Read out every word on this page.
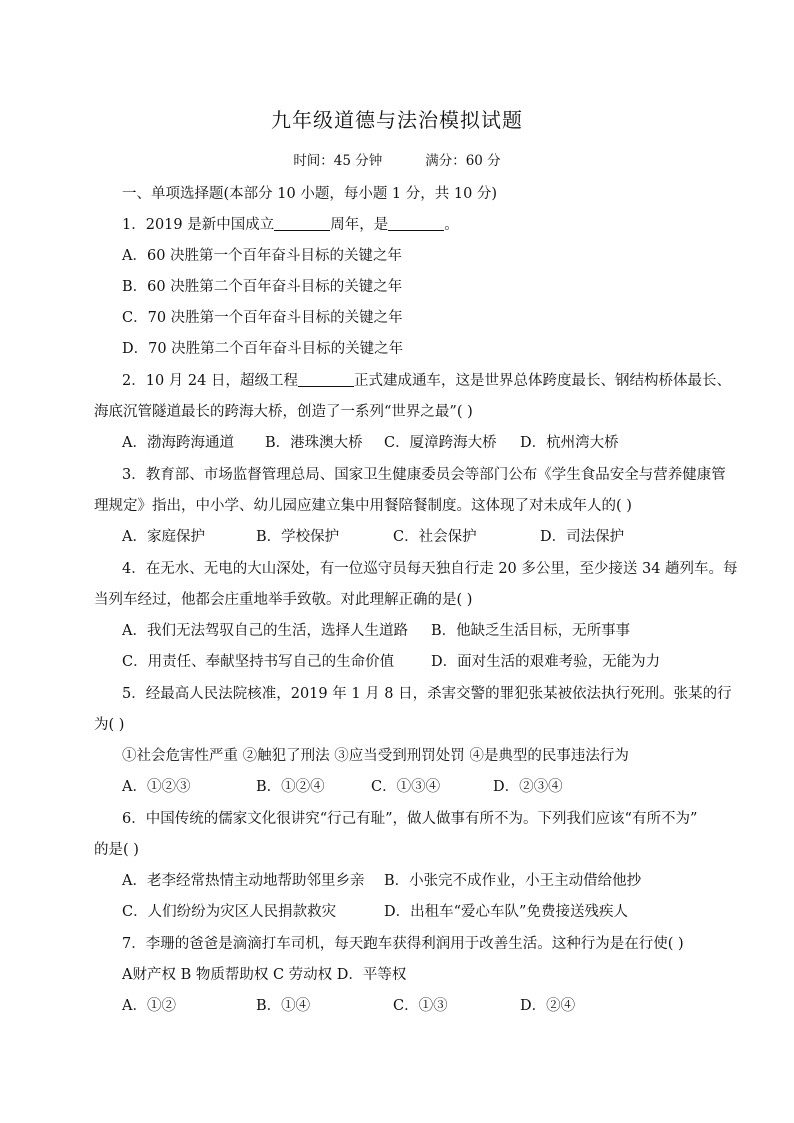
九年级道德与法治模拟试题
时间：45 分钟          满分：60 分
一、单项选择题(本部分 10 小题，每小题 1 分，共 10 分)
1．2019 是新中国成立	周年，是	。
A．60 决胜第一个百年奋斗目标的关键之年
B．60 决胜第二个百年奋斗目标的关键之年
C．70 决胜第一个百年奋斗目标的关键之年
D．70 决胜第二个百年奋斗目标的关键之年
2．10 月 24 日，超级工程	正式建成通车，这是世界总体跨度最长、钢结构桥体最长、
海底沉管隧道最长的跨海大桥，创造了一系列“世界之最”( )
A．渤海跨海通道 B．港珠澳大桥 C．厦漳跨海大桥 D．杭州湾大桥
3．教育部、市场监督管理总局、国家卫生健康委员会等部门公布《学生食品安全与营养健康管
理规定》指出，中小学、幼儿园应建立集中用餐陪餐制度。这体现了对未成年人的( )
A．家庭保护	B．学校保护	C．社会保护	D．司法保护
4．在无水、无电的大山深处，有一位巡守员每天独自行走 20 多公里，至少接送 34 趟列车。每
当列车经过，他都会庄重地举手致敬。对此理解正确的是( )
A．我们无法驾驭自己的生活，选择人生道路 B．他缺乏生活目标，无所事事
C．用责任、奉献坚持书写自己的生命价值	D．面对生活的艰难考验，无能为力
5．经最高人民法院核准，2019 年 1 月 8 日，杀害交警的罪犯张某被依法执行死刑。张某的行
为( )
①社会危害性严重 ②触犯了刑法 ③应当受到刑罚处罚 ④是典型的民事违法行为
A．①②③	B．①②④	C．①③④	D．②③④
6．中国传统的儒家文化很讲究“行己有耻”，做人做事有所不为。下列我们应该“有所不为”
的是( )
A．老李经常热情主动地帮助邻里乡亲 B．小张完不成作业，小王主动借给他抄
C．人们纷纷为灾区人民捐款救灾	D．出租车“爱心车队”免费接送残疾人
7．李珊的爸爸是滴滴打车司机，每天跑车获得利润用于改善生活。这种行为是在行使( )
A财产权 B 物质帮助权 C 劳动权 D．平等权
A．①②	B．①④	C．①③	D．②④
